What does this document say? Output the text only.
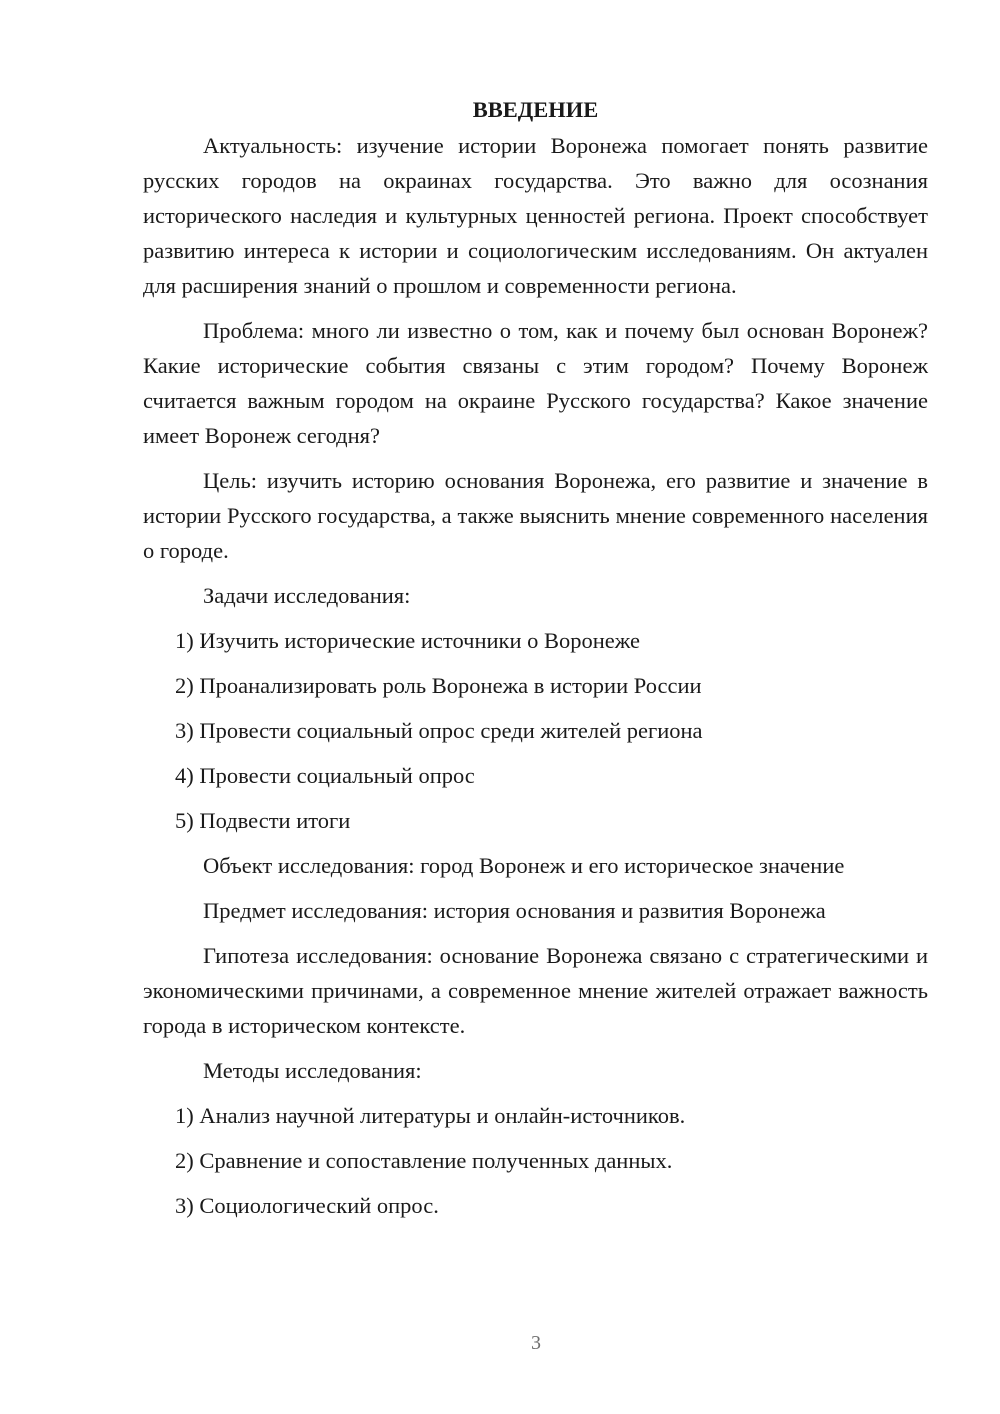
ВВЕДЕНИЕ

Актуальность: изучение истории Воронежа помогает понять развитие русских городов на окраинах государства. Это важно для осознания исторического наследия и культурных ценностей региона. Проект способствует развитию интереса к истории и социологическим исследованиям. Он актуален для расширения знаний о прошлом и современности региона.

Проблема: много ли известно о том, как и почему был основан Воронеж? Какие исторические события связаны с этим городом? Почему Воронеж считается важным городом на окраине Русского государства? Какое значение имеет Воронеж сегодня?

Цель: изучить историю основания Воронежа, его развитие и значение в истории Русского государства, а также выяснить мнение современного населения о городе.

Задачи исследования:

1) Изучить исторические источники о Воронеже
2) Проанализировать роль Воронежа в истории России
3) Провести социальный опрос среди жителей региона
4) Провести социальный опрос
5) Подвести итоги

Объект исследования: город Воронеж и его историческое значение

Предмет исследования: история основания и развития Воронежа

Гипотеза исследования: основание Воронежа связано с стратегическими и экономическими причинами, а современное мнение жителей отражает важность города в историческом контексте.

Методы исследования:

1) Анализ научной литературы и онлайн-источников.
2) Сравнение и сопоставление полученных данных.
3) Социологический опрос.
3
